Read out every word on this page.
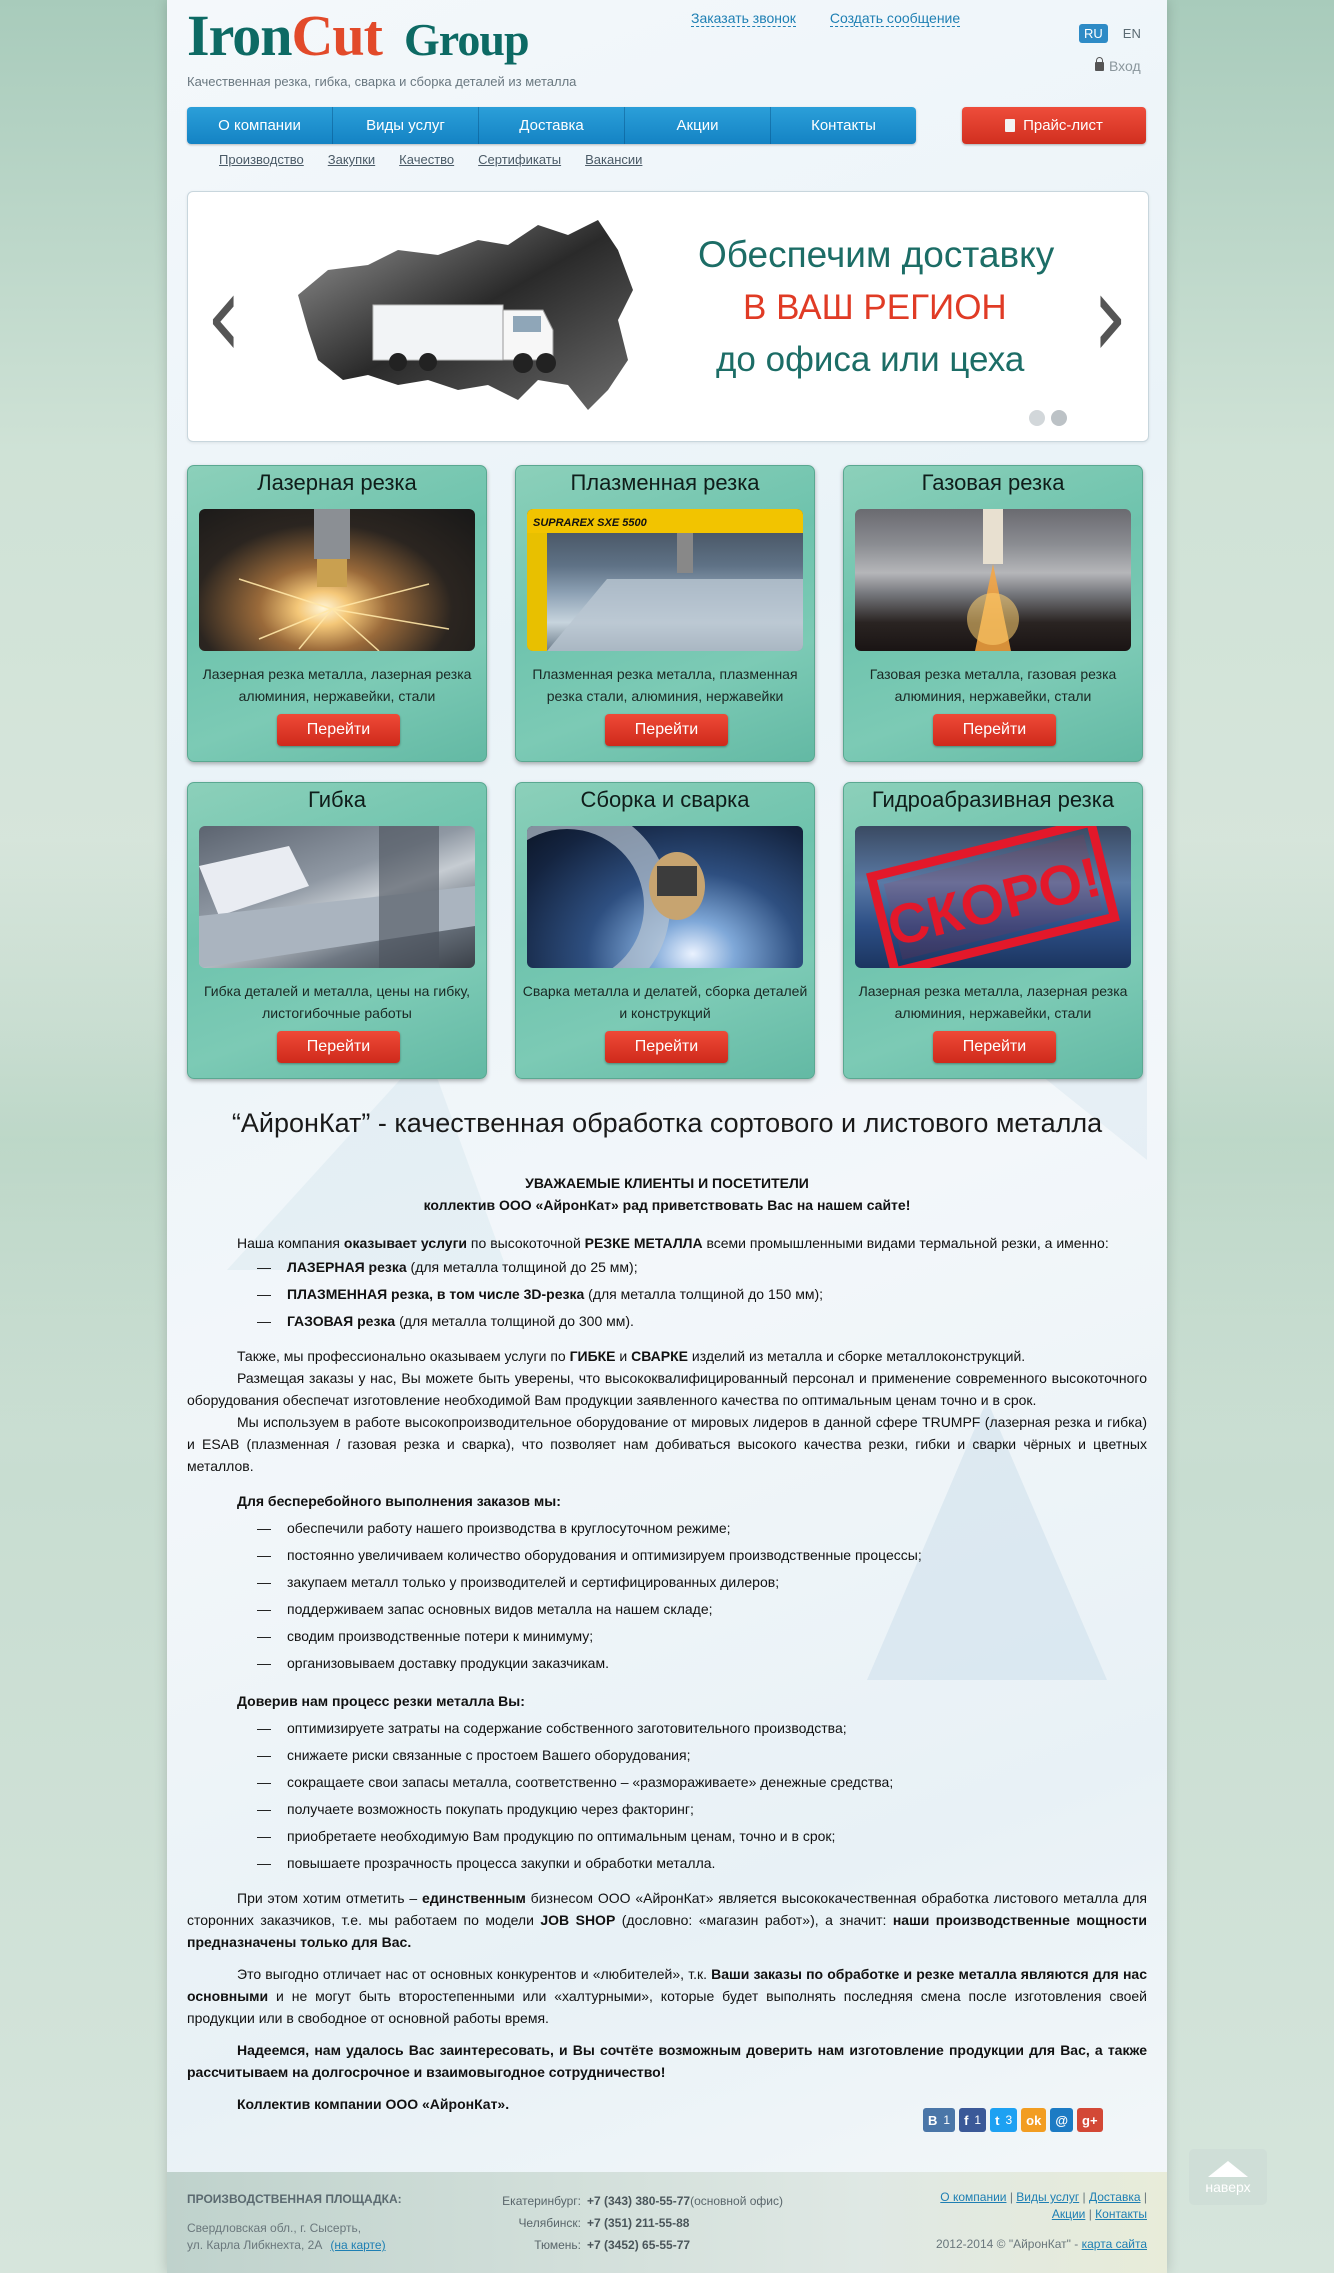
IronCut Group
Качественная резка, гибка, сварка и сборка деталей из металла
Заказать звонок Создать сообщение
RU	EN
Вход
О компании	Виды услуг	Доставка	Акции	Контакты	Прайс-лист
Производство Закупки Качество Сертификаты Вакансии
‹	Обеспечим доставку
В ВАШ РЕГИОН
до офиса или цеха ›
Лазерная резка
Лазерная резка металла, лазерная резка алюминия, нержавейки, стали
Перейти
Плазменная резка
SUPRAREX SXE 5500
Плазменная резка металла, плазменная резка стали, алюминия, нержавейки
Перейти
Газовая резка
Газовая резка металла, газовая резка алюминия, нержавейки, стали
Перейти
Гибка
Гибка деталей и металла, цены на гибку, листогибочные работы
Перейти
Сборка и сварка
Сварка металла и делатей, сборка деталей и конструкций
Перейти
Гидроабразивная резка
СКОРО!
Лазерная резка металла, лазерная резка алюминия, нержавейки, стали
Перейти
“АйронКат” - качественная обработка сортового и листового металла
УВАЖАЕМЫЕ КЛИЕНТЫ И ПОСЕТИТЕЛИ
коллектив ООО «АйронКат» рад приветствовать Вас на нашем сайте!

Наша компания оказывает услуги по высокоточной РЕЗКЕ МЕТАЛЛА всеми промышленными видами термальной резки, а именно:

— ЛАЗЕРНАЯ резка (для металла толщиной до 25 мм);
— ПЛАЗМЕННАЯ резка, в том числе 3D-резка (для металла толщиной до 150 мм);
— ГАЗОВАЯ резка (для металла толщиной до 300 мм).

Также, мы профессионально оказываем услуги по ГИБКЕ и СВАРКЕ изделий из металла и сборке металлоконструкций.

Размещая заказы у нас, Вы можете быть уверены, что высококвалифицированный персонал и применение современного высокоточного оборудования обеспечат изготовление необходимой Вам продукции заявленного качества по оптимальным ценам точно и в срок.

Мы используем в работе высокопроизводительное оборудование от мировых лидеров в данной сфере TRUMPF (лазерная резка и гибка) и ESAB (плазменная / газовая резка и сварка), что позволяет нам добиваться высокого качества резки, гибки и сварки чёрных и цветных металлов.

Для бесперебойного выполнения заказов мы:
— обеспечили работу нашего производства в круглосуточном режиме;
— постоянно увеличиваем количество оборудования и оптимизируем производственные процессы;
— закупаем металл только у производителей и сертифицированных дилеров;
— поддерживаем запас основных видов металла на нашем складе;
— сводим производственные потери к минимуму;
— организовываем доставку продукции заказчикам.
Доверив нам процесс резки металла Вы:
— оптимизируете затраты на содержание собственного заготовительного производства;
— снижаете риски связанные с простоем Вашего оборудования;
— сокращаете свои запасы металла, соответственно – «размораживаете» денежные средства;
— получаете возможность покупать продукцию через факторинг;
— приобретаете необходимую Вам продукцию по оптимальным ценам, точно и в срок;
— повышаете прозрачность процесса закупки и обработки металла.

При этом хотим отметить – единственным бизнесом ООО «АйронКат» является высококачественная обработка листового металла для сторонних заказчиков, т.е. мы работаем по модели JOB SHOP (дословно: «магазин работ»), а значит: наши производственные мощности предназначены только для Вас.

Это выгодно отличает нас от основных конкурентов и «любителей», т.к. Ваши заказы по обработке и резке металла являются для нас основными и не могут быть второстепенными или «халтурными», которые будет выполнять последняя смена после изготовления своей продукции или в свободное от основной работы время.

Надеемся, нам удалось Вас заинтересовать, и Вы сочтёте возможным доверить нам изготовление продукции для Вас, а также рассчитываем на долгосрочное и взаимовыгодное сотрудничество!

Коллектив компании ООО «АйронКат».

В 1 f 1 t 3 ok @ g+
ПРОИЗВОДСТВЕННАЯ ПЛОЩАДКА:
Свердловская обл., г. Сысерть,
ул. Карла Либкнехта, 2А (на карте)
Екатеринбург: +7 (343) 380-55-77 (основной офис)
Челябинск: +7 (351) 211-55-88
Тюмень: +7 (3452) 65-55-77
О компании | Виды услуг | Доставка |
Акции | Контакты
2012-2014 © "АйронКат" - карта сайта
наверх
